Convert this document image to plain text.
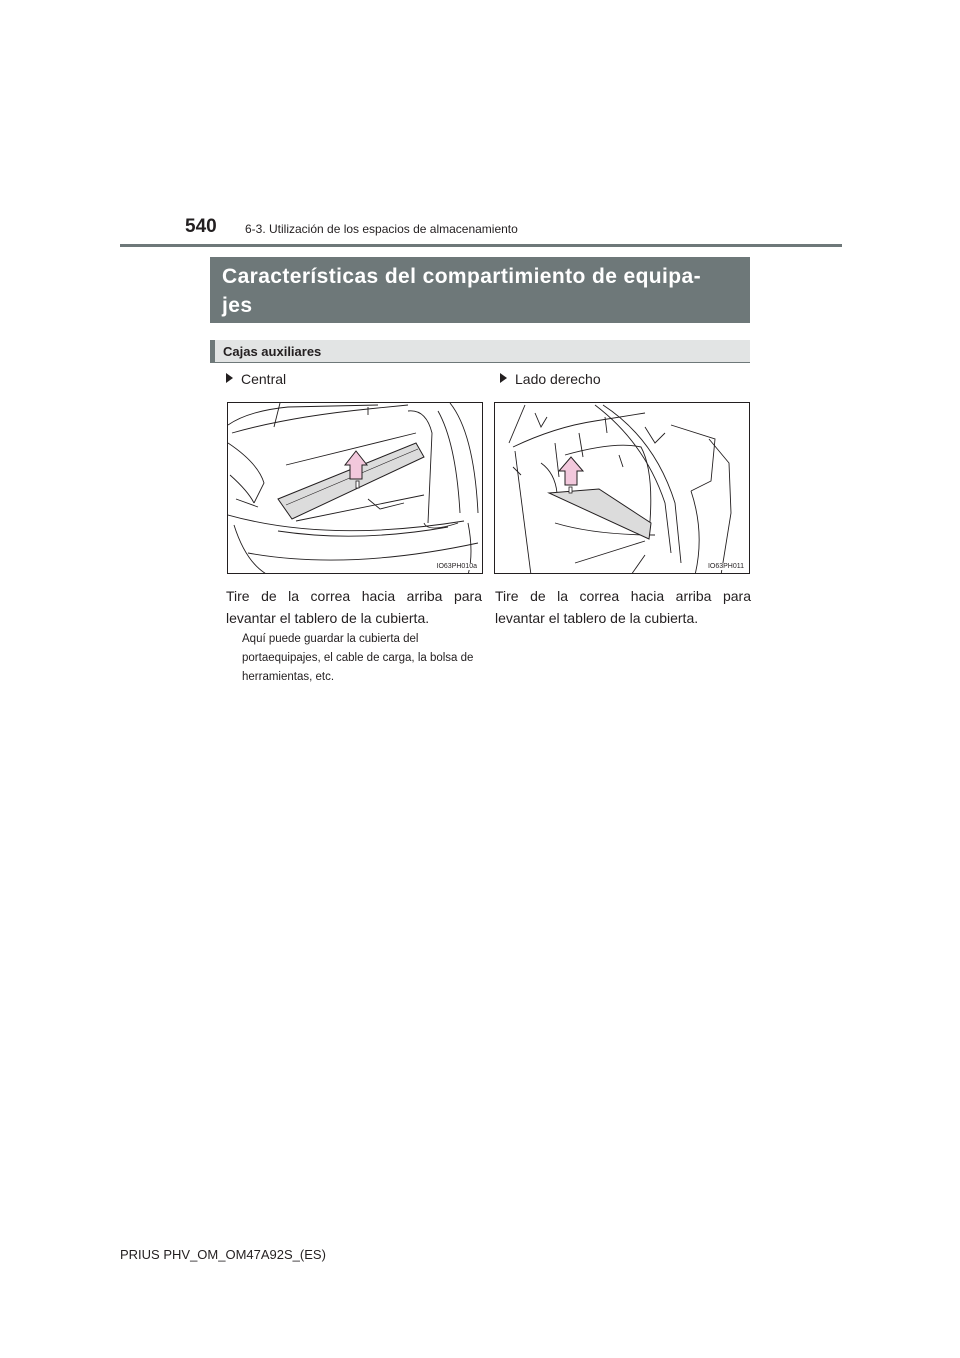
540 6-3. Utilización de los espacios de almacenamiento

Características del compartimiento de equipa-

jes

Cajas auxiliares
Central
IO63PH010a

Tire de la correa hacia arriba para levantar el tablero de la cubierta.

Aquí puede guardar la cubierta del portaequipajes, el cable de carga, la bolsa de herramientas, etc.

Lado derecho
IO63PH011

Tire de la correa hacia arriba para levantar el tablero de la cubierta.

PRIUS PHV_OM_OM47A92S_(ES)
